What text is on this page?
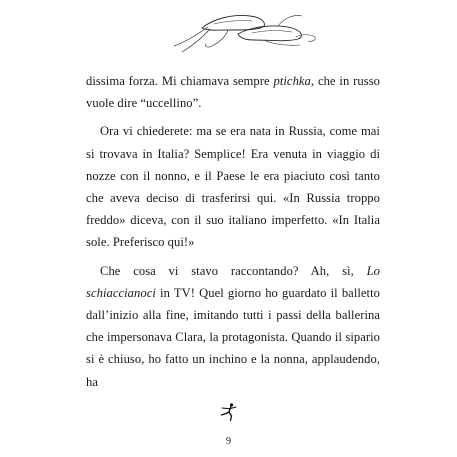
dissima forza. Mi chiamava sempre ptichka, che in russo vuole dire “uccellino”.

Ora vi chiederete: ma se era nata in Russia, come mai si trovava in Italia? Semplice! Era venuta in viaggio di nozze con il nonno, e il Paese le era piaciuto così tanto che aveva deciso di trasferirsi qui. «In Russia troppo freddo» diceva, con il suo italiano imperfetto. «In Italia sole. Preferisco qui!»

Che cosa vi stavo raccontando? Ah, sì, Lo schiaccianoci in TV! Quel giorno ho guardato il balletto dall’inizio alla fine, imitando tutti i passi della ballerina che impersonava Clara, la protagonista. Quando il sipario si è chiuso, ho fatto un inchino e la nonna, applaudendo, ha

9
